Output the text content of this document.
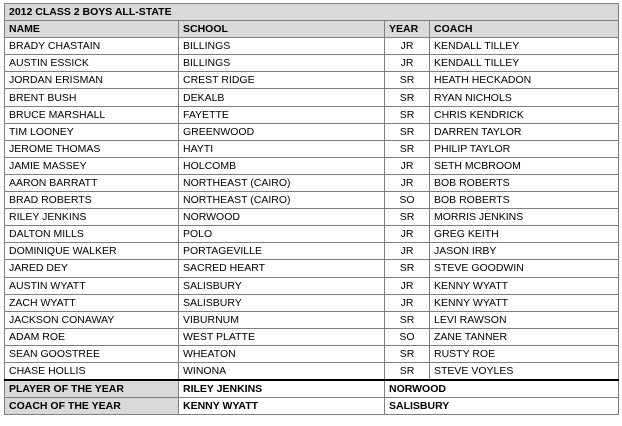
2012 CLASS 2 BOYS ALL-STATE			
NAME	SCHOOL	YEAR	COACH
BRADY CHASTAIN	BILLINGS	JR	KENDALL TILLEY
AUSTIN ESSICK	BILLINGS	JR	KENDALL TILLEY
JORDAN ERISMAN	CREST RIDGE	SR	HEATH HECKADON
BRENT BUSH	DEKALB	SR	RYAN NICHOLS
BRUCE MARSHALL	FAYETTE	SR	CHRIS KENDRICK
TIM LOONEY	GREENWOOD	SR	DARREN TAYLOR
JEROME THOMAS	HAYTI	SR	PHILIP TAYLOR
JAMIE MASSEY	HOLCOMB	JR	SETH MCBROOM
AARON BARRATT	NORTHEAST (CAIRO)	JR	BOB ROBERTS
BRAD ROBERTS	NORTHEAST (CAIRO)	SO	BOB ROBERTS
RILEY JENKINS	NORWOOD	SR	MORRIS JENKINS
DALTON MILLS	POLO	JR	GREG KEITH
DOMINIQUE WALKER	PORTAGEVILLE	JR	JASON IRBY
JARED DEY	SACRED HEART	SR	STEVE GOODWIN
AUSTIN WYATT	SALISBURY	JR	KENNY WYATT
ZACH WYATT	SALISBURY	JR	KENNY WYATT
JACKSON CONAWAY	VIBURNUM	SR	LEVI RAWSON
ADAM ROE	WEST PLATTE	SO	ZANE TANNER
SEAN GOOSTREE	WHEATON	SR	RUSTY ROE
CHASE HOLLIS	WINONA	SR	STEVE VOYLES
PLAYER OF THE YEAR	RILEY JENKINS	NORWOOD	
COACH OF THE YEAR	KENNY WYATT	SALISBURY	
